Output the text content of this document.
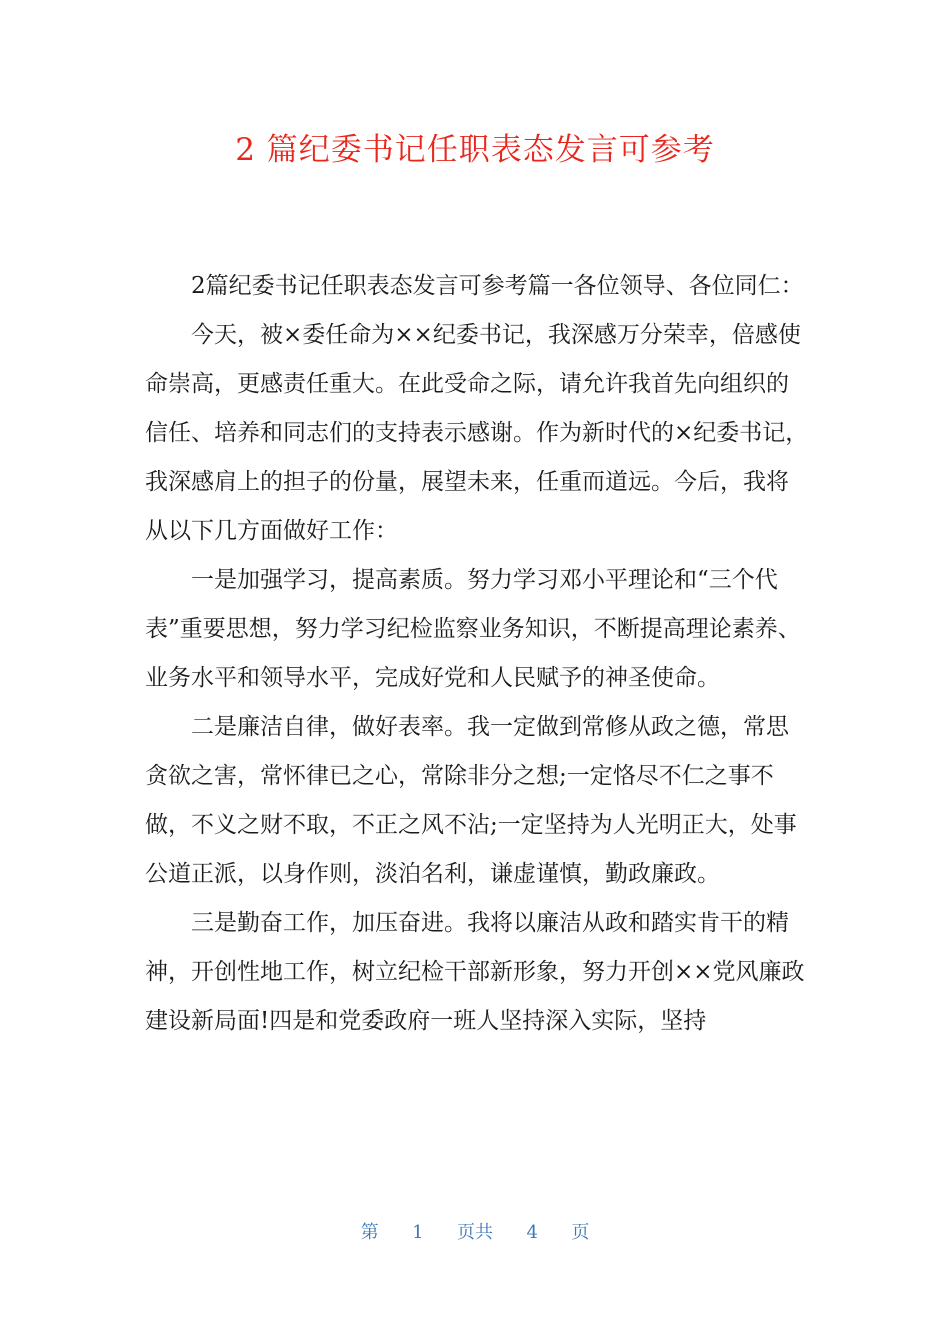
2 篇纪委书记任职表态发言可参考

2篇纪委书记任职表态发言可参考篇一各位领导、各位同仁：

今天，被×委任命为××纪委书记，我深感万分荣幸，倍感使命崇高，更感责任重大。在此受命之际，请允许我首先向组织的信任、培养和同志们的支持表示感谢。作为新时代的×纪委书记，我深感肩上的担子的份量，展望未来，任重而道远。今后，我将从以下几方面做好工作：

一是加强学习，提高素质。努力学习邓小平理论和“三个代表”重要思想，努力学习纪检监察业务知识，不断提高理论素养、业务水平和领导水平，完成好党和人民赋予的神圣使命。

二是廉洁自律，做好表率。我一定做到常修从政之德，常思贪欲之害，常怀律已之心，常除非分之想;一定恪尽不仁之事不做，不义之财不取，不正之风不沾;一定坚持为人光明正大，处事公道正派，以身作则，淡泊名利，谦虚谨慎，勤政廉政。

三是勤奋工作，加压奋进。我将以廉洁从政和踏实肯干的精神，开创性地工作，树立纪检干部新形象，努力开创××党风廉政建设新局面!四是和党委政府一班人坚持深入实际，坚持

第 1 页共 4 页
